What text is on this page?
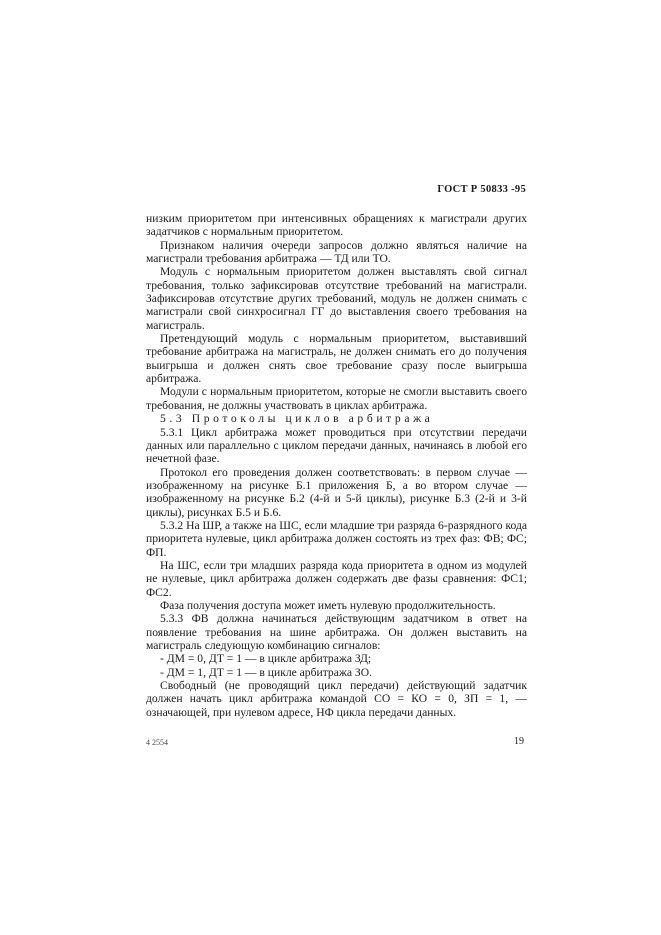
ГОСТ Р 50833 -95

низким приоритетом при интенсивных обращениях к магистрали других задатчиков с нормальным приоритетом.

Признаком наличия очереди запросов должно являться наличие на магистрали требования арбитража — ТД или ТО.

Модуль с нормальным приоритетом должен выставлять свой сигнал требования, только зафиксировав отсутствие требований на магистрали. Зафиксировав отсутствие других требований, модуль не должен снимать с магистрали свой синхросигнал ГГ до выставления своего требования на магистраль.

Претендующий модуль с нормальным приоритетом, выставивший требование арбитража на магистраль, не должен снимать его до получения выигрыша и должен снять свое требование сразу после выигрыша арбитража.

Модули с нормальным приоритетом, которые не смогли выставить своего требования, не должны участвовать в циклах арбитража.

5.3 Протоколы циклов арбитража

5.3.1 Цикл арбитража может проводиться при отсутствии передачи данных или параллельно с циклом передачи данных, начинаясь в любой его нечетной фазе.

Протокол его проведения должен соответствовать: в первом случае — изображенному на рисунке Б.1 приложения Б, а во втором случае — изображенному на рисунке Б.2 (4-й и 5-й циклы), рисунке Б.3 (2-й и 3-й циклы), рисунках Б.5 и Б.6.

5.3.2 На ШР, а также на ШС, если младшие три разряда 6-разрядного кода приоритета нулевые, цикл арбитража должен состоять из трех фаз: ФВ; ФС; ФП.

На ШС, если три младших разряда кода приоритета в одном из модулей не нулевые, цикл арбитража должен содержать две фазы сравнения: ФС1; ФС2.

Фаза получения доступа может иметь нулевую продолжительность.

5.3.3 ФВ должна начинаться действующим задатчиком в ответ на появление требования на шине арбитража. Он должен выставить на магистраль следующую комбинацию сигналов:

- ДМ = 0, ДТ = 1 — в цикле арбитража ЗД;

- ДМ = 1, ДТ = 1 — в цикле арбитража ЗО.

Свободный (не проводящий цикл передачи) действующий задатчик должен начать цикл арбитража командой СО = КО = 0, ЗП = 1, — означающей, при нулевом адресе, НФ цикла передачи данных.

4 2554	19
